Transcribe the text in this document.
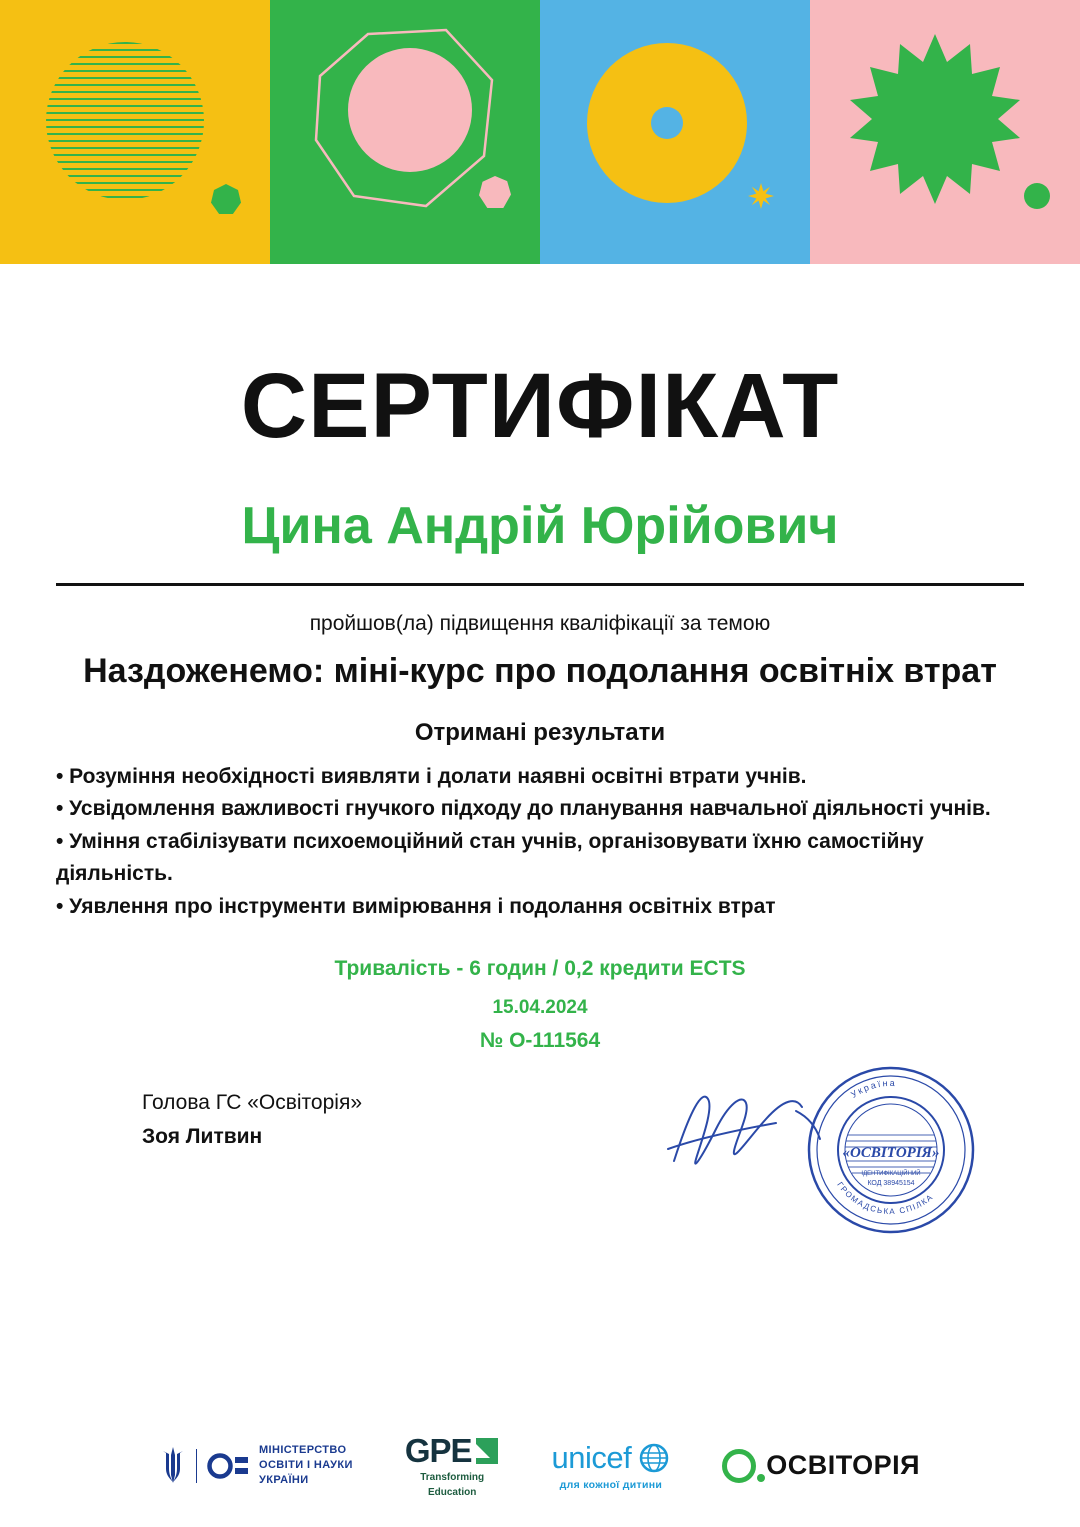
СЕРТИФІКАТ
Цина Андрій Юрійович
пройшов(ла) підвищення кваліфікації за темою
Наздоженемо: міні-курс про подолання освітніх втрат
Отримані результати
• Розуміння необхідності виявляти і долати наявні освітні втрати учнів.
• Усвідомлення важливості гнучкого підходу до планування навчальної діяльності учнів.
• Уміння стабілізувати психоемоційний стан учнів, організовувати їхню самостійну діяльність.
• Уявлення про інструменти вимірювання і подолання освітніх втрат
Тривалість - 6 годин / 0,2 кредити ECTS
15.04.2024
№ O-111564
Голова ГС «Освіторія»
Зоя Литвин
«ОСВІТОРІЯ»
ІДЕНТИФІКАЦІЙНИЙ
КОД 38945154
Україна
ГРОМАДСЬКА СПІЛКА
МІНІСТЕРСТВО
ОСВІТИ І НАУКИ
УКРАЇНИ
GPE
Transforming
Education
unicef
для кожної дитини
ОСВІТОРІЯ
